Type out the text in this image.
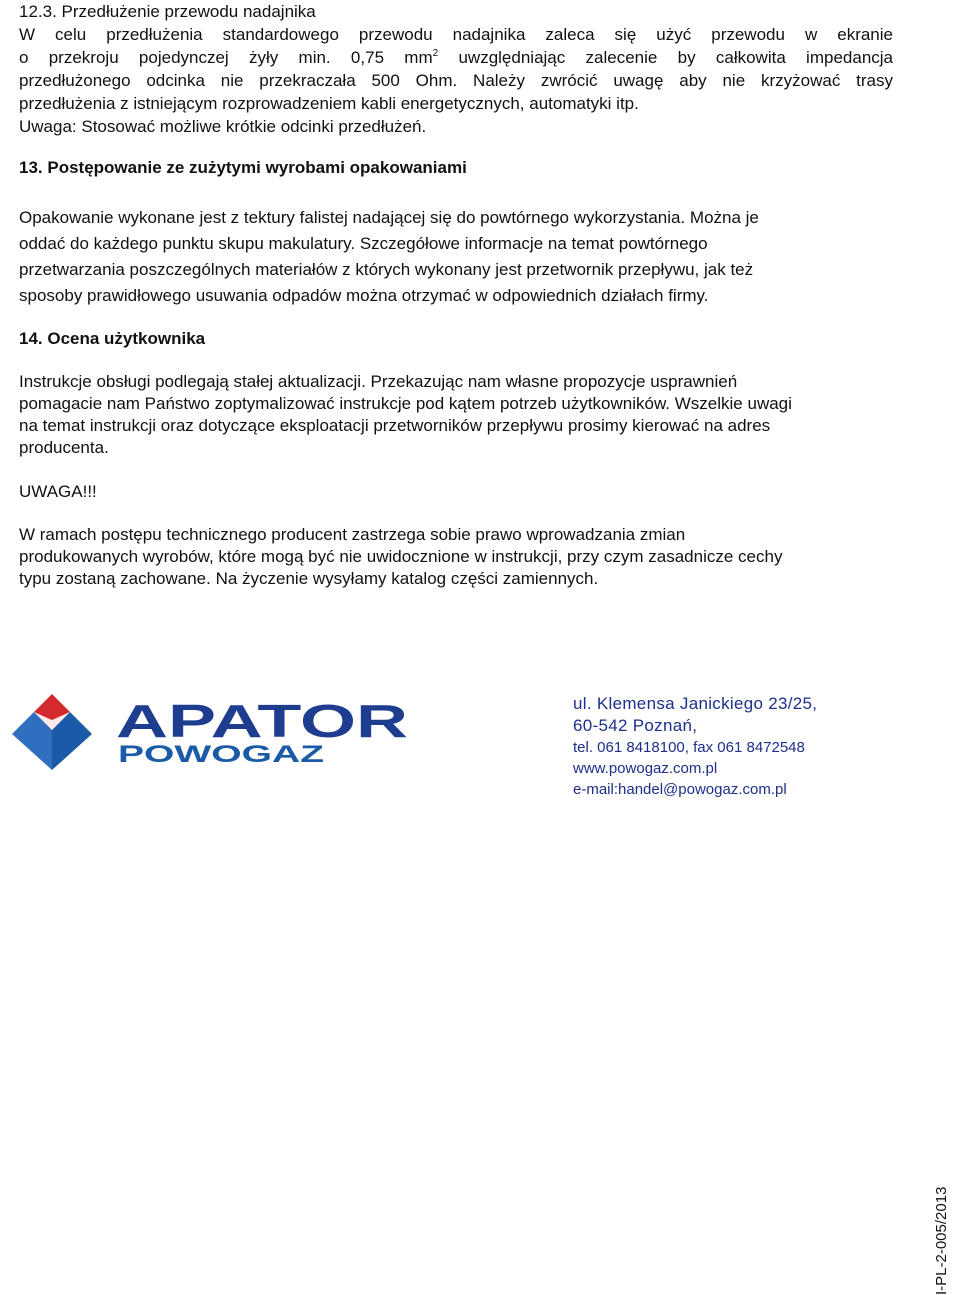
12.3. Przedłużenie przewodu nadajnika
W celu przedłużenia standardowego przewodu nadajnika zaleca się użyć przewodu w ekranie
o przekroju pojedynczej żyły min. 0,75 $mm^2$ uwzględniając zalecenie by całkowita impedancja
przedłużonego odcinka nie przekraczała 500 Ohm. Należy zwrócić uwagę aby nie krzyżować trasy
przedłużenia z istniejącym rozprowadzeniem kabli energetycznych, automatyki itp.
Uwaga: Stosować możliwe krótkie odcinki przedłużeń.
13. Postępowanie ze zużytymi wyrobami opakowaniami
Opakowanie wykonane jest z tektury falistej nadającej się do powtórnego wykorzystania. Można je
oddać do każdego punktu skupu makulatury. Szczegółowe informacje na temat powtórnego
przetwarzania poszczególnych materiałów z których wykonany jest przetwornik przepływu, jak też
sposoby prawidłowego usuwania odpadów można otrzymać w odpowiednich działach firmy.
14. Ocena użytkownika
Instrukcje obsługi podlegają stałej aktualizacji. Przekazując nam własne propozycje usprawnień
pomagacie nam Państwo zoptymalizować instrukcje pod kątem potrzeb użytkowników. Wszelkie uwagi
na temat instrukcji oraz dotyczące eksploatacji przetworników przepływu prosimy kierować na adres
producenta.
UWAGA!!!
W ramach postępu technicznego producent zastrzega sobie prawo wprowadzania zmian
produkowanych wyrobów, które mogą być nie uwidocznione w instrukcji, przy czym zasadnicze cechy
typu zostaną zachowane. Na życzenie wysyłamy katalog części zamiennych.
APATOR
POWOGAZ
ul. Klemensa Janickiego 23/25,
60-542 Poznań,
tel. 061 8418100, fax 061 8472548
www.powogaz.com.pl
e-mail:handel@powogaz.com.pl
I-PL-2-005/2013
